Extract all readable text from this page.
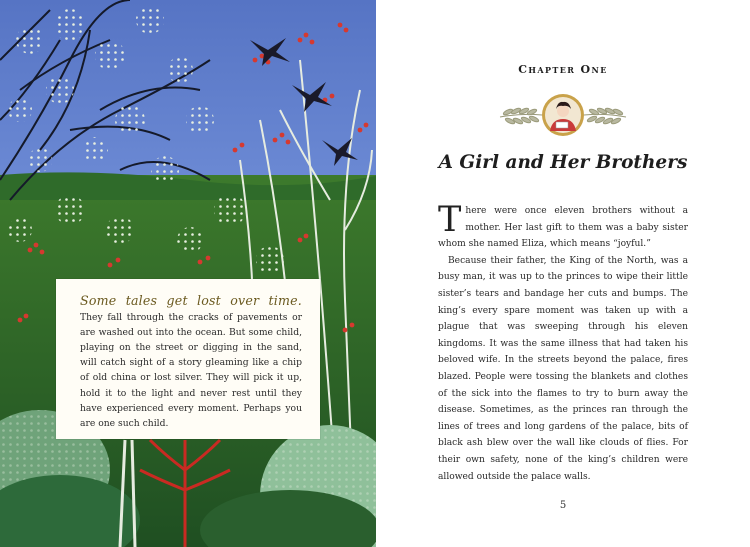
Some tales get lost over time. They fall through the cracks of pavements or are washed out into the ocean. But some child, playing on the street or digging in the sand, will catch sight of a story gleaming like a chip of old china or lost silver. They will pick it up, hold it to the light and never rest until they have experienced every moment. Perhaps you are one such child.

Chapter One
A Girl and Her Brothers

There were once eleven brothers without a mother. Her last gift to them was a baby sister whom she named Eliza, which means “joyful.”

Because their father, the King of the North, was a busy man, it was up to the princes to wipe their little sister’s tears and bandage her cuts and bumps. The king’s every spare moment was taken up with a plague that was sweeping through his eleven kingdoms. It was the same illness that had taken his beloved wife. In the streets beyond the palace, fires blazed. People were tossing the blankets and clothes of the sick into the flames to try to burn away the disease. Sometimes, as the princes ran through the lines of trees and long gardens of the palace, bits of black ash blew over the wall like clouds of flies. For their own safety, none of the king’s children were allowed outside the palace walls.

5
